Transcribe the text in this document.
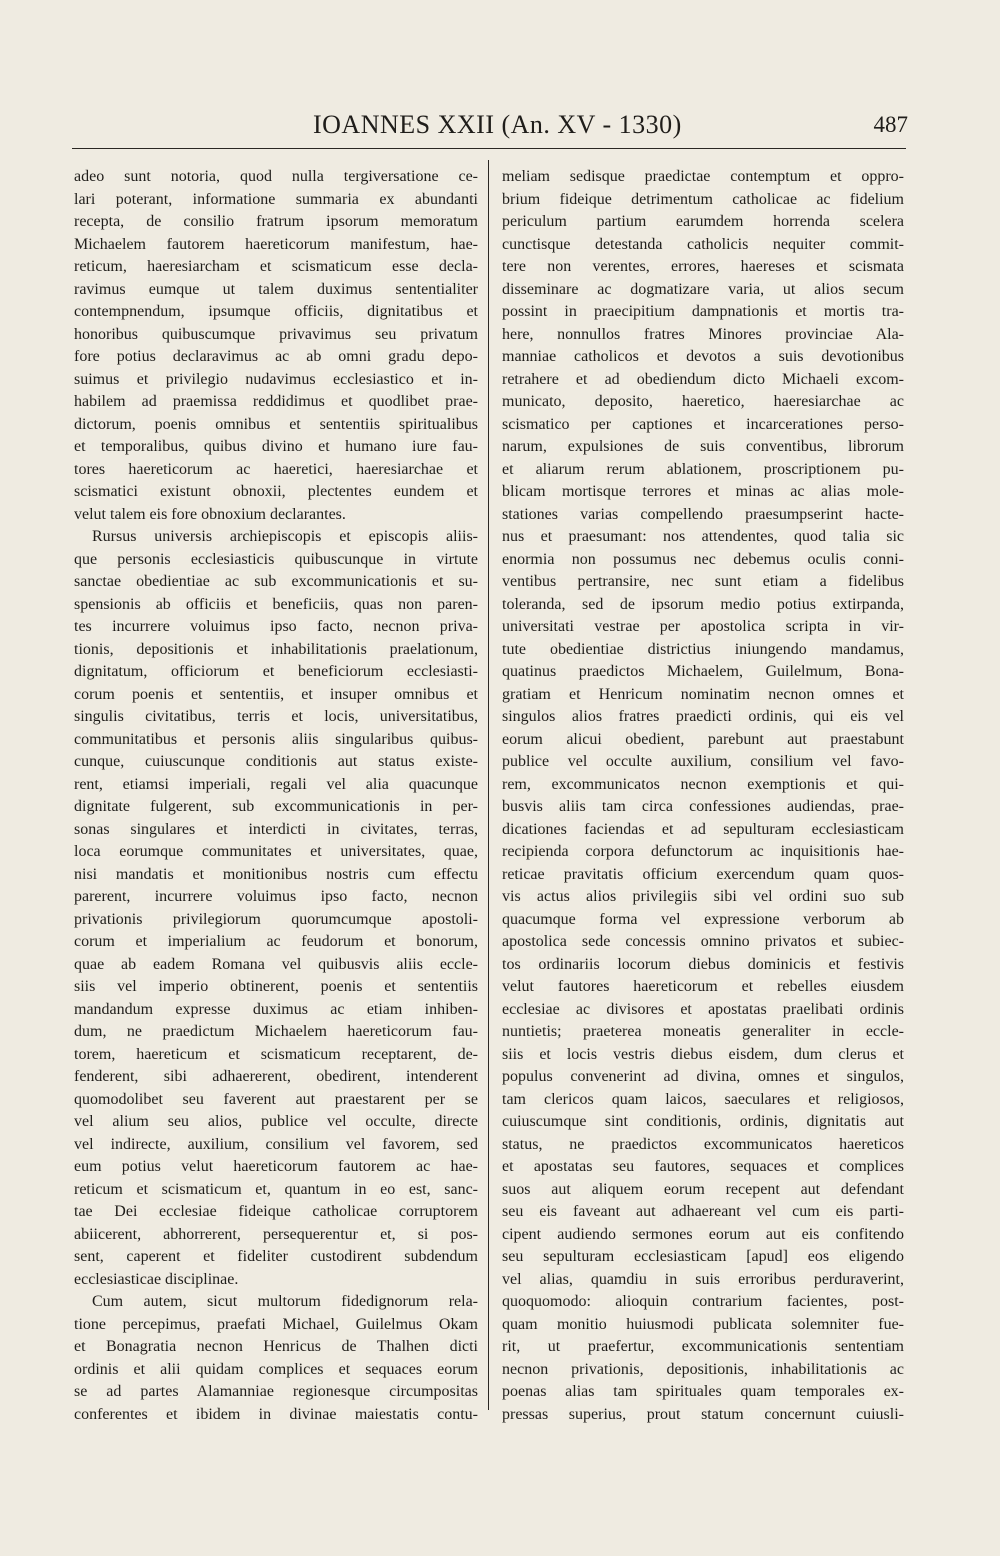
IOANNES XXII (An. XV - 1330)	487
adeo sunt notoria, quod nulla tergiversatione ce-
lari poterant, informatione summaria ex abundanti
recepta, de consilio fratrum ipsorum memoratum
Michaelem fautorem haereticorum manifestum, hae-
reticum, haeresiarcham et scismaticum esse decla-
ravimus eumque ut talem duximus sententialiter
contempnendum, ipsumque officiis, dignitatibus et
honoribus quibuscumque privavimus seu privatum
fore potius declaravimus ac ab omni gradu depo-
suimus et privilegio nudavimus ecclesiastico et in-
habilem ad praemissa reddidimus et quodlibet prae-
dictorum, poenis omnibus et sententiis spiritualibus
et temporalibus, quibus divino et humano iure fau-
tores haereticorum ac haeretici, haeresiarchae et
scismatici existunt obnoxii, plectentes eundem et
velut talem eis fore obnoxium declarantes.
Rursus universis archiepiscopis et episcopis aliis-
que personis ecclesiasticis quibuscunque in virtute
sanctae obedientiae ac sub excommunicationis et su-
spensionis ab officiis et beneficiis, quas non paren-
tes incurrere voluimus ipso facto, necnon priva-
tionis, depositionis et inhabilitationis praelationum,
dignitatum, officiorum et beneficiorum ecclesiasti-
corum poenis et sententiis, et insuper omnibus et
singulis civitatibus, terris et locis, universitatibus,
communitatibus et personis aliis singularibus quibus-
cunque, cuiuscunque conditionis aut status existe-
rent, etiamsi imperiali, regali vel alia quacunque
dignitate fulgerent, sub excommunicationis in per-
sonas singulares et interdicti in civitates, terras,
loca eorumque communitates et universitates, quae,
nisi mandatis et monitionibus nostris cum effectu
parerent, incurrere voluimus ipso facto, necnon
privationis privilegiorum quorumcumque apostoli-
corum et imperialium ac feudorum et bonorum,
quae ab eadem Romana vel quibusvis aliis eccle-
siis vel imperio obtinerent, poenis et sententiis
mandandum expresse duximus ac etiam inhiben-
dum, ne praedictum Michaelem haereticorum fau-
torem, haereticum et scismaticum receptarent, de-
fenderent, sibi adhaererent, obedirent, intenderent
quomodolibet seu faverent aut praestarent per se
vel alium seu alios, publice vel occulte, directe
vel indirecte, auxilium, consilium vel favorem, sed
eum potius velut haereticorum fautorem ac hae-
reticum et scismaticum et, quantum in eo est, sanc-
tae Dei ecclesiae fideique catholicae corruptorem
abiicerent, abhorrerent, persequerentur et, si pos-
sent, caperent et fideliter custodirent subdendum
ecclesiasticae disciplinae.
Cum autem, sicut multorum fidedignorum rela-
tione percepimus, praefati Michael, Guilelmus Okam
et Bonagratia necnon Henricus de Thalhen dicti
ordinis et alii quidam complices et sequaces eorum
se ad partes Alamanniae regionesque circumpositas
conferentes et ibidem in divinae maiestatis contu-
meliam sedisque praedictae contemptum et oppro-
brium fideique detrimentum catholicae ac fidelium
periculum partium earumdem horrenda scelera
cunctisque detestanda catholicis nequiter commit-
tere non verentes, errores, haereses et scismata
disseminare ac dogmatizare varia, ut alios secum
possint in praecipitium dampnationis et mortis tra-
here, nonnullos fratres Minores provinciae Ala-
manniae catholicos et devotos a suis devotionibus
retrahere et ad obediendum dicto Michaeli excom-
municato, deposito, haeretico, haeresiarchae ac
scismatico per captiones et incarcerationes perso-
narum, expulsiones de suis conventibus, librorum
et aliarum rerum ablationem, proscriptionem pu-
blicam mortisque terrores et minas ac alias mole-
stationes varias compellendo praesumpserint hacte-
nus et praesumant: nos attendentes, quod talia sic
enormia non possumus nec debemus oculis conni-
ventibus pertransire, nec sunt etiam a fidelibus
toleranda, sed de ipsorum medio potius extirpanda,
universitati vestrae per apostolica scripta in vir-
tute obedientiae districtius iniungendo mandamus,
quatinus praedictos Michaelem, Guilelmum, Bona-
gratiam et Henricum nominatim necnon omnes et
singulos alios fratres praedicti ordinis, qui eis vel
eorum alicui obedient, parebunt aut praestabunt
publice vel occulte auxilium, consilium vel favo-
rem, excommunicatos necnon exemptionis et qui-
busvis aliis tam circa confessiones audiendas, prae-
dicationes faciendas et ad sepulturam ecclesiasticam
recipienda corpora defunctorum ac inquisitionis hae-
reticae pravitatis officium exercendum quam quos-
vis actus alios privilegiis sibi vel ordini suo sub
quacumque forma vel expressione verborum ab
apostolica sede concessis omnino privatos et subiec-
tos ordinariis locorum diebus dominicis et festivis
velut fautores haereticorum et rebelles eiusdem
ecclesiae ac divisores et apostatas praelibati ordinis
nuntietis; praeterea moneatis generaliter in eccle-
siis et locis vestris diebus eisdem, dum clerus et
populus convenerint ad divina, omnes et singulos,
tam clericos quam laicos, saeculares et religiosos,
cuiuscumque sint conditionis, ordinis, dignitatis aut
status, ne praedictos excommunicatos haereticos
et apostatas seu fautores, sequaces et complices
suos aut aliquem eorum recepent aut defendant
seu eis faveant aut adhaereant vel cum eis parti-
cipent audiendo sermones eorum aut eis confitendo
seu sepulturam ecclesiasticam [apud] eos eligendo
vel alias, quamdiu in suis erroribus perduraverint,
quoquomodo: alioquin contrarium facientes, post-
quam monitio huiusmodi publicata solemniter fue-
rit, ut praefertur, excommunicationis sententiam
necnon privationis, depositionis, inhabilitationis ac
poenas alias tam spirituales quam temporales ex-
pressas superius, prout statum concernunt cuiusli-
